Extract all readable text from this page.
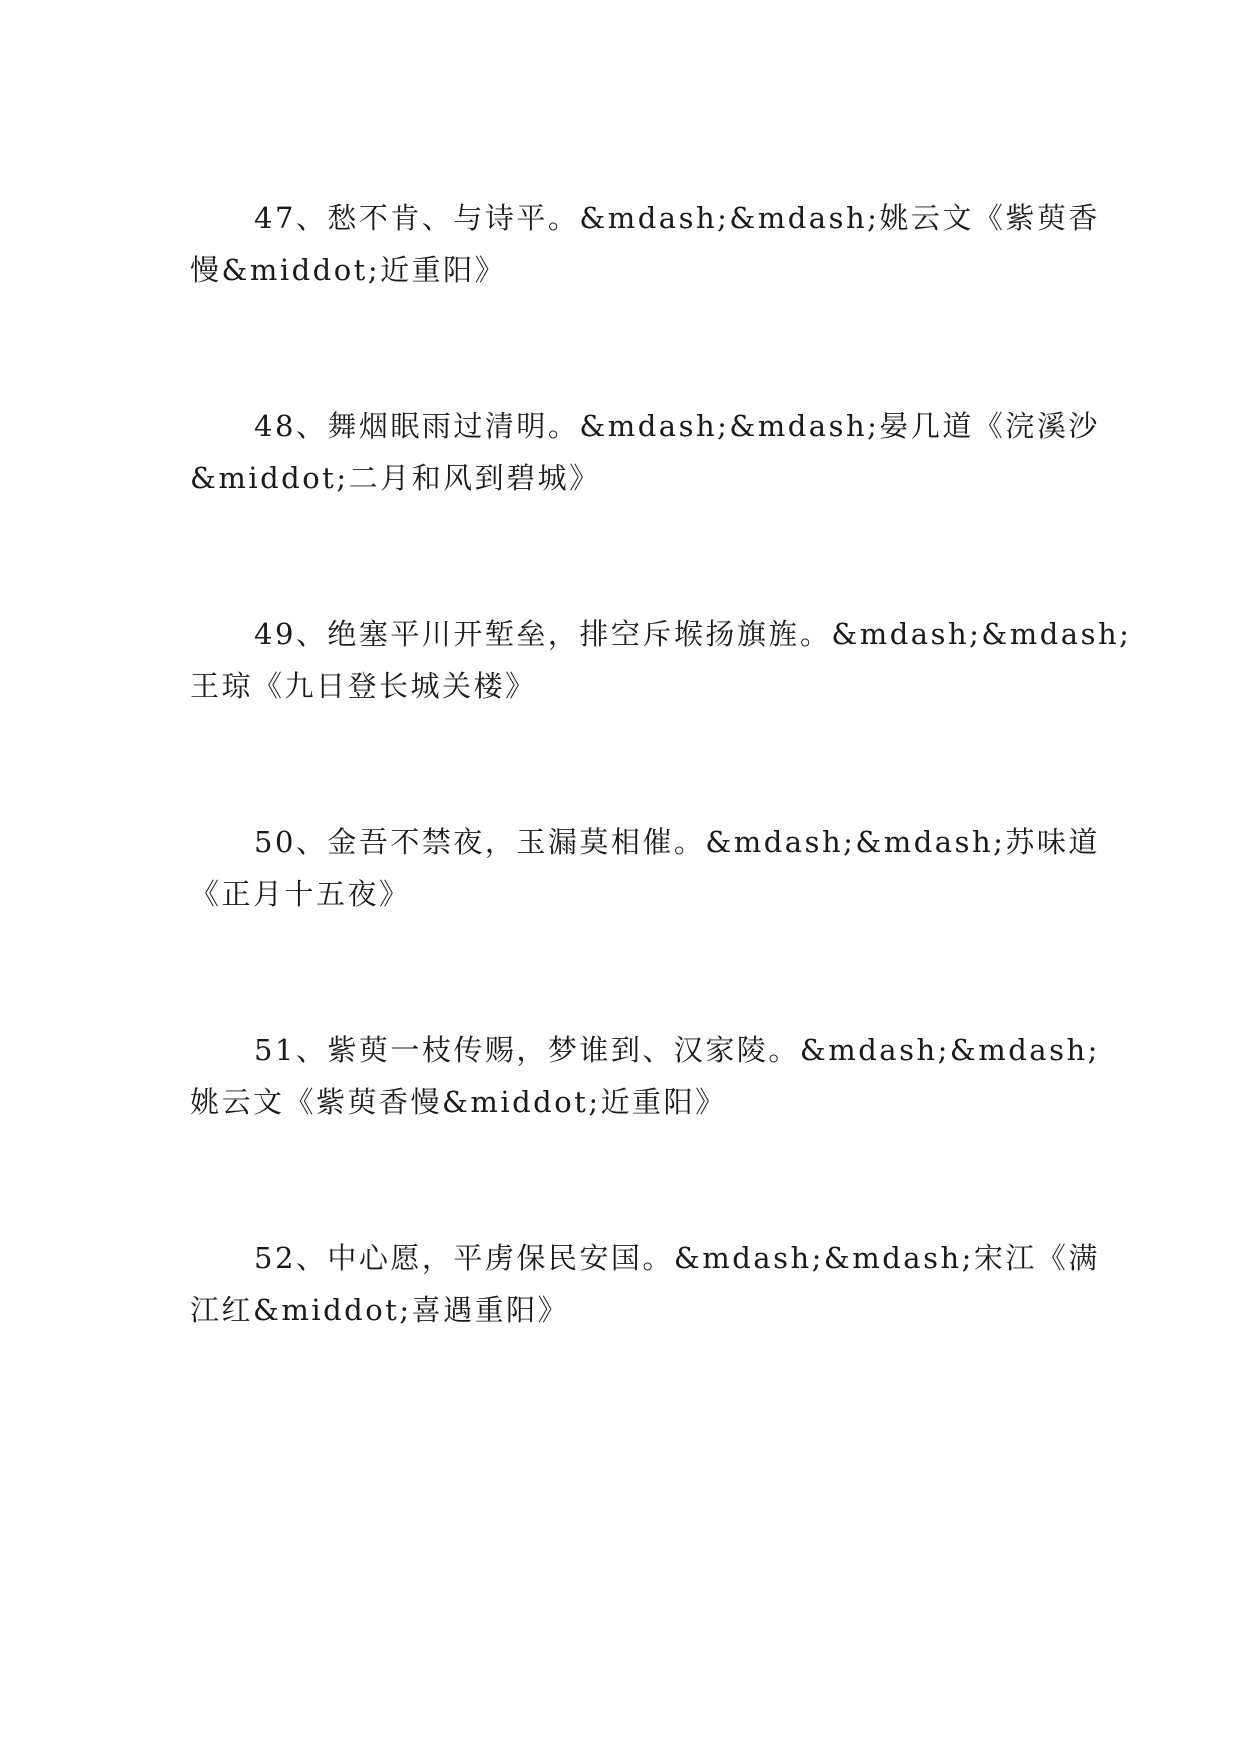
47、愁不肯、与诗平。&mdash;&mdash;姚云文《紫萸香

慢&middot;近重阳》

48、舞烟眠雨过清明。&mdash;&mdash;晏几道《浣溪沙

&middot;二月和风到碧城》

49、绝塞平川开堑垒，排空斥堠扬旗旌。&mdash;&mdash;

王琼《九日登长城关楼》

50、金吾不禁夜，玉漏莫相催。&mdash;&mdash;苏味道

《正月十五夜》

51、紫萸一枝传赐，梦谁到、汉家陵。&mdash;&mdash;

姚云文《紫萸香慢&middot;近重阳》

52、中心愿，平虏保民安国。&mdash;&mdash;宋江《满

江红&middot;喜遇重阳》
